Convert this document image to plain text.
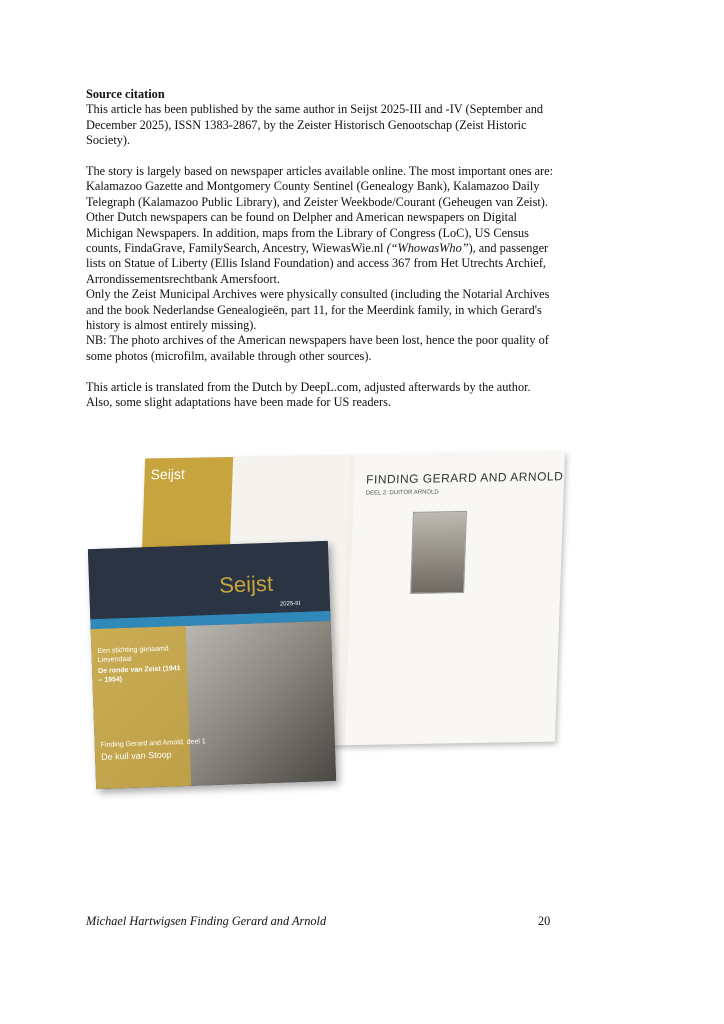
Source citation

This article has been published by the same author in Seijst 2025-III and -IV (September and December 2025), ISSN 1383-2867, by the Zeister Historisch Genootschap (Zeist Historic Society).

The story is largely based on newspaper articles available online. The most important ones are: Kalamazoo Gazette and Montgomery County Sentinel (Genealogy Bank), Kalamazoo Daily Telegraph (Kalamazoo Public Library), and Zeister Weekbode/Courant (Geheugen van Zeist). Other Dutch newspapers can be found on Delpher and American newspapers on Digital Michigan Newspapers. In addition, maps from the Library of Congress (LoC), US Census counts, FindaGrave, FamilySearch, Ancestry, WiewasWie.nl (“WhowasWho”), and passenger lists on Statue of Liberty (Ellis Island Foundation) and access 367 from Het Utrechts Archief, Arrondissementsrechtbank Amersfoort.

Only the Zeist Municipal Archives were physically consulted (including the Notarial Archives and the book Nederlandse Genealogieën, part 11, for the Meerdink family, in which Gerard's history is almost entirely missing).

NB: The photo archives of the American newspapers have been lost, hence the poor quality of some photos (microfilm, available through other sources).

This article is translated from the Dutch by DeepL.com, adjusted afterwards by the author. Also, some slight adaptations have been made for US readers.

Seijst	FINDING GERARD AND ARNOLD
DEEL 2: DUITOR ARNOLD
Seijst
2025-III
Een stichting genaamd Lievendaal
De ronde van Zeist (1941 – 1954)
Finding Gerard and Arnold, deel 1
De kuil van Stoop
Michael Hartwigsen Finding Gerard and Arnold	20
